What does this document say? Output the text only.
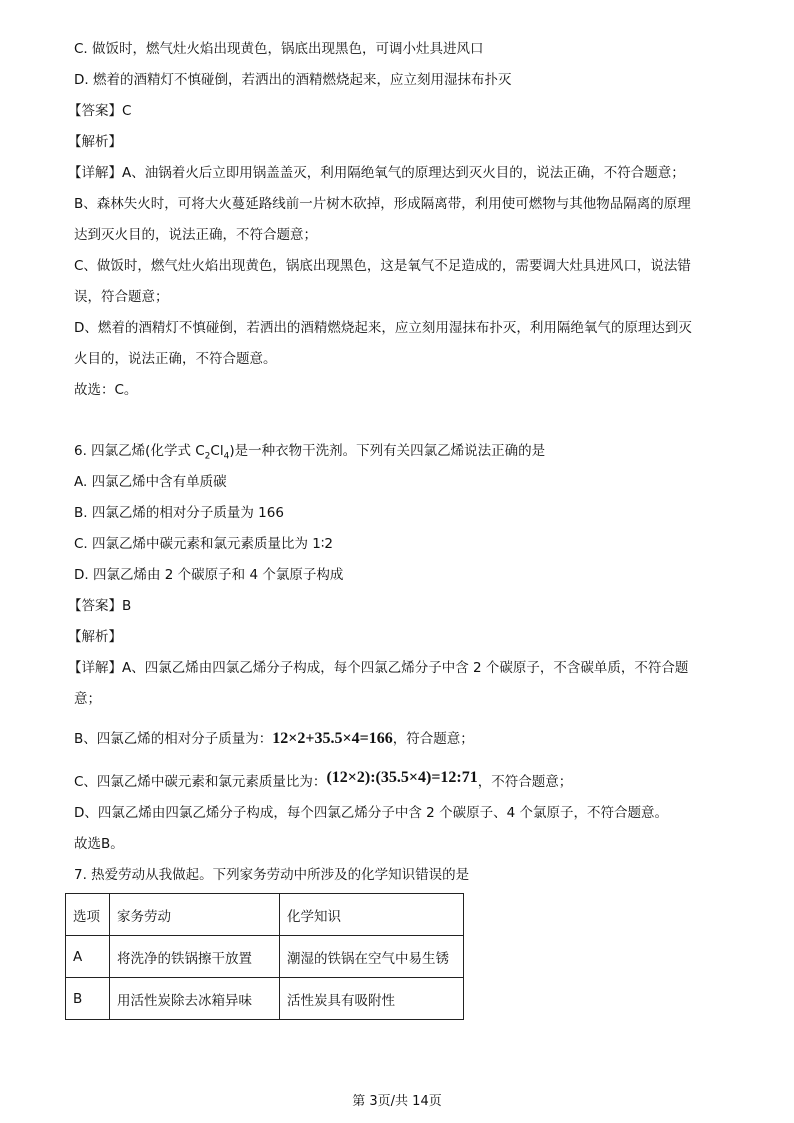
C. 做饭时，燃气灶火焰出现黄色，锅底出现黑色，可调小灶具进风口
D. 燃着的酒精灯不慎碰倒，若洒出的酒精燃烧起来，应立刻用湿抹布扑灭
【答案】C
【解析】
【详解】A、油锅着火后立即用锅盖盖灭，利用隔绝氧气的原理达到灭火目的，说法正确，不符合题意；
B、森林失火时，可将大火蔓延路线前一片树木砍掉，形成隔离带，利用使可燃物与其他物品隔离的原理
达到灭火目的，说法正确，不符合题意；
C、做饭时，燃气灶火焰出现黄色，锅底出现黑色，这是氧气不足造成的，需要调大灶具进风口，说法错
误，符合题意；
D、燃着的酒精灯不慎碰倒，若洒出的酒精燃烧起来，应立刻用湿抹布扑灭，利用隔绝氧气的原理达到灭
火目的，说法正确，不符合题意。
故选：C。
6. 四氯乙烯(化学式 $C_2Cl_4$)是一种衣物干洗剂。下列有关四氯乙烯说法正确的是
A. 四氯乙烯中含有单质碳
B. 四氯乙烯的相对分子质量为 166
C. 四氯乙烯中碳元素和氯元素质量比为 1∶2
D. 四氯乙烯由 2 个碳原子和 4 个氯原子构成
【答案】B
【解析】
【详解】A、四氯乙烯由四氯乙烯分子构成，每个四氯乙烯分子中含 2 个碳原子，不含碳单质，不符合题
意；
B、四氯乙烯的相对分子质量为：12×2+35.5×4=166，符合题意；
C、四氯乙烯中碳元素和氯元素质量比为：(12×2):(35.5×4)=12:71，不符合题意；
D、四氯乙烯由四氯乙烯分子构成，每个四氯乙烯分子中含 2 个碳原子、4 个氯原子，不符合题意。
故选B。
7. 热爱劳动从我做起。下列家务劳动中所涉及的化学知识错误的是
选项	家务劳动	化学知识
A	将洗净的铁锅擦干放置	潮湿的铁锅在空气中易生锈
B	用活性炭除去冰箱异味	活性炭具有吸附性
第 3页/共 14页
